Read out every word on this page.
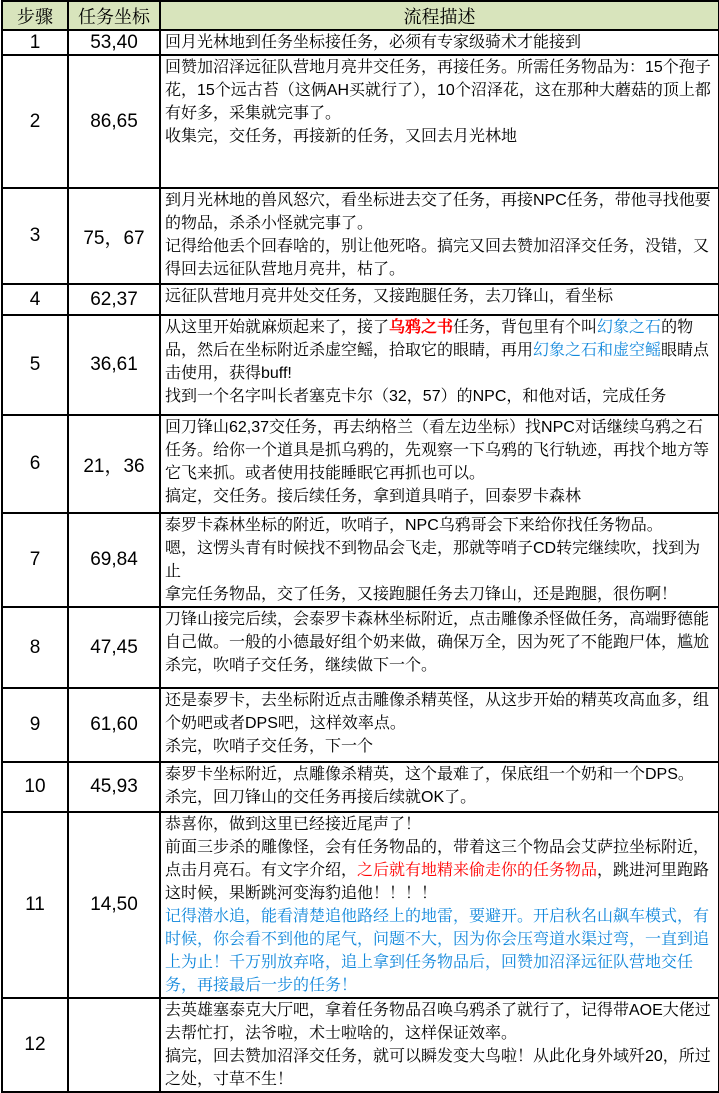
步骤	任务坐标	流程描述
1	53,40	回月光林地到任务坐标接任务，必须有专家级骑术才能接到

2	86,65	回赞加沼泽远征队营地月亮井交任务，再接任务。所需任务物品为：15个孢子花，15个远古苔（这俩AH买就行了），10个沼泽花，这在那种大蘑菇的顶上都有好多，采集就完事了。
收集完，交任务，再接新的任务，又回去月光林地

3	75，67	到月光林地的兽风怒穴，看坐标进去交了任务，再接NPC任务，带他寻找他要的物品，杀杀小怪就完事了。
记得给他丢个回春啥的，别让他死咯。搞完又回去赞加沼泽交任务，没错，又得回去远征队营地月亮井，枯了。

4	62,37	远征队营地月亮井处交任务，又接跑腿任务，去刀锋山，看坐标

5	36,61	从这里开始就麻烦起来了，接了乌鸦之书任务，背包里有个叫幻象之石的物品，然后在坐标附近杀虚空鳐，拾取它的眼睛，再用幻象之石和虚空鳐眼睛点击使用，获得buff!
找到一个名字叫长者塞克卡尔（32，57）的NPC，和他对话，完成任务

6	21，36	回刀锋山62,37交任务，再去纳格兰（看左边坐标）找NPC对话继续乌鸦之石任务。给你一个道具是抓乌鸦的，先观察一下乌鸦的飞行轨迹，再找个地方等它飞来抓。或者使用技能睡眠它再抓也可以。
搞定，交任务。接后续任务，拿到道具哨子，回泰罗卡森林

7	69,84	泰罗卡森林坐标的附近，吹哨子，NPC乌鸦哥会下来给你找任务物品。
嗯，这愣头青有时候找不到物品会飞走，那就等哨子CD转完继续吹，找到为止
拿完任务物品，交了任务，又接跑腿任务去刀锋山，还是跑腿，很伤啊！

8	47,45	刀锋山接完后续，会泰罗卡森林坐标附近，点击雕像杀怪做任务，高端野德能自己做。一般的小德最好组个奶来做，确保万全，因为死了不能跑尸体，尴尬
杀完，吹哨子交任务，继续做下一个。

9	61,60	还是泰罗卡，去坐标附近点击雕像杀精英怪，从这步开始的精英攻高血多，组个奶吧或者DPS吧，这样效率点。
杀完，吹哨子交任务，下一个

10	45,93	泰罗卡坐标附近，点雕像杀精英，这个最难了，保底组一个奶和一个DPS。
杀完，回刀锋山的交任务再接后续就OK了。

11	14,50	恭喜你，做到这里已经接近尾声了！
前面三步杀的雕像怪，会有任务物品的，带着这三个物品会艾萨拉坐标附近，点击月亮石。有文字介绍，之后就有地精来偷走你的任务物品，跳进河里跑路这时候，果断跳河变海豹追他！！！！
记得潜水追，能看清楚追他路经上的地雷，要避开。开启秋名山飙车模式，有时候，你会看不到他的尾气，问题不大，因为你会压弯道水渠过弯，一直到追上为止！千万别放弃咯，追上拿到任务物品后，回赞加沼泽远征队营地交任务，再接最后一步的任务！

12		去英雄塞泰克大厅吧，拿着任务物品召唤乌鸦杀了就行了，记得带AOE大佬过去帮忙打，法爷啦，术士啦啥的，这样保证效率。
搞完，回去赞加沼泽交任务，就可以瞬发变大鸟啦！从此化身外域歼20，所过之处，寸草不生！
